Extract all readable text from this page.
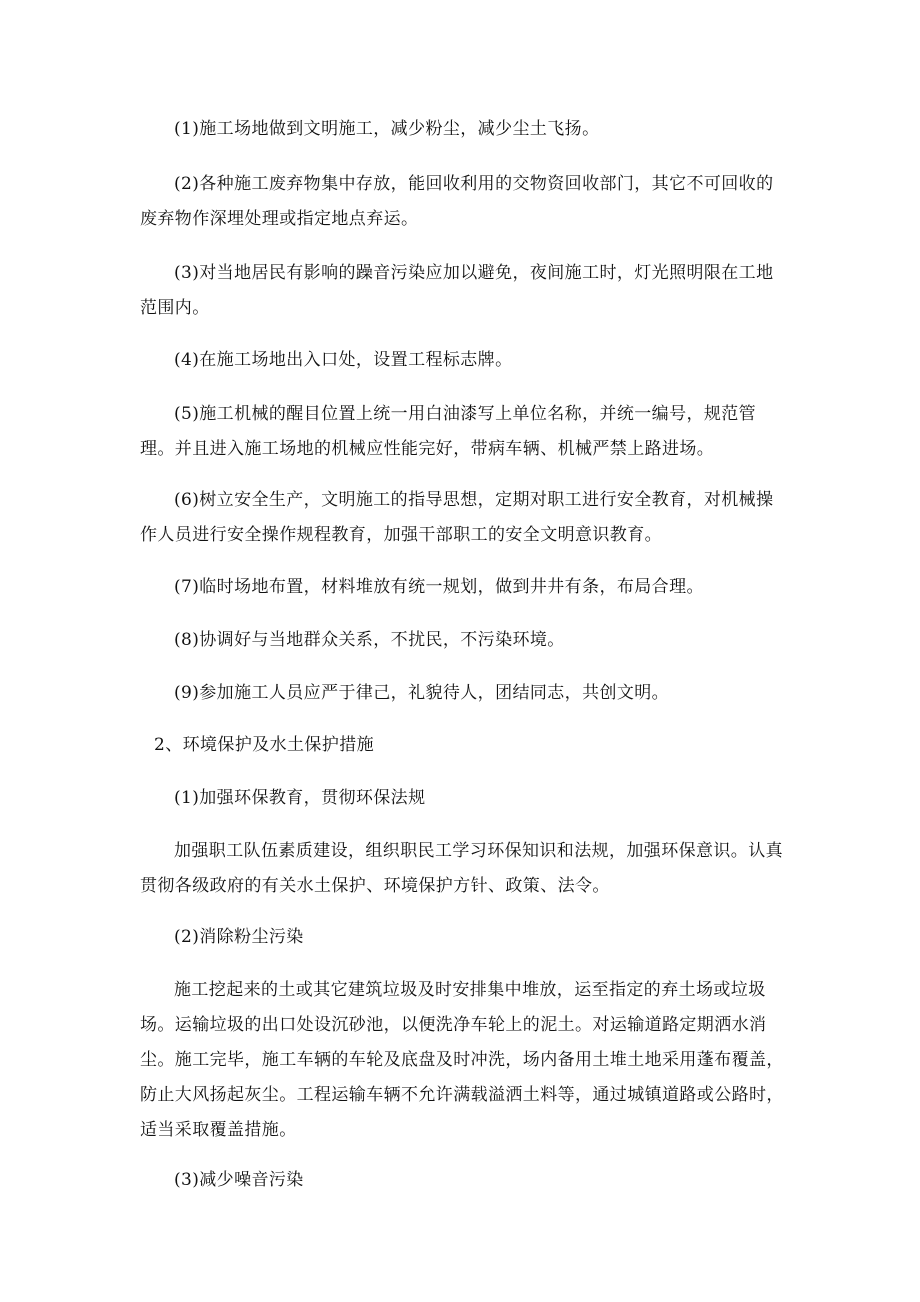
(1)施工场地做到文明施工，减少粉尘，减少尘土飞扬。

(2)各种施工废弃物集中存放，能回收利用的交物资回收部门，其它不可回收的废弃物作深埋处理或指定地点弃运。

(3)对当地居民有影响的躁音污染应加以避免，夜间施工时，灯光照明限在工地范围内。

(4)在施工场地出入口处，设置工程标志牌。

(5)施工机械的醒目位置上统一用白油漆写上单位名称，并统一编号，规范管理。并且进入施工场地的机械应性能完好，带病车辆、机械严禁上路进场。

(6)树立安全生产，文明施工的指导思想，定期对职工进行安全教育，对机械操作人员进行安全操作规程教育，加强干部职工的安全文明意识教育。

(7)临时场地布置，材料堆放有统一规划，做到井井有条，布局合理。

(8)协调好与当地群众关系，不扰民，不污染环境。

(9)参加施工人员应严于律己，礼貌待人，团结同志，共创文明。

2、环境保护及水土保护措施

(1)加强环保教育，贯彻环保法规

加强职工队伍素质建设，组织职民工学习环保知识和法规，加强环保意识。认真贯彻各级政府的有关水土保护、环境保护方针、政策、法令。

(2)消除粉尘污染

施工挖起来的土或其它建筑垃圾及时安排集中堆放，运至指定的弃土场或垃圾场。运输垃圾的出口处设沉砂池，以便洗净车轮上的泥土。对运输道路定期洒水消尘。施工完毕，施工车辆的车轮及底盘及时冲洗，场内备用土堆土地采用蓬布覆盖，防止大风扬起灰尘。工程运输车辆不允许满载溢洒土料等，通过城镇道路或公路时，适当采取覆盖措施。

(3)减少噪音污染
